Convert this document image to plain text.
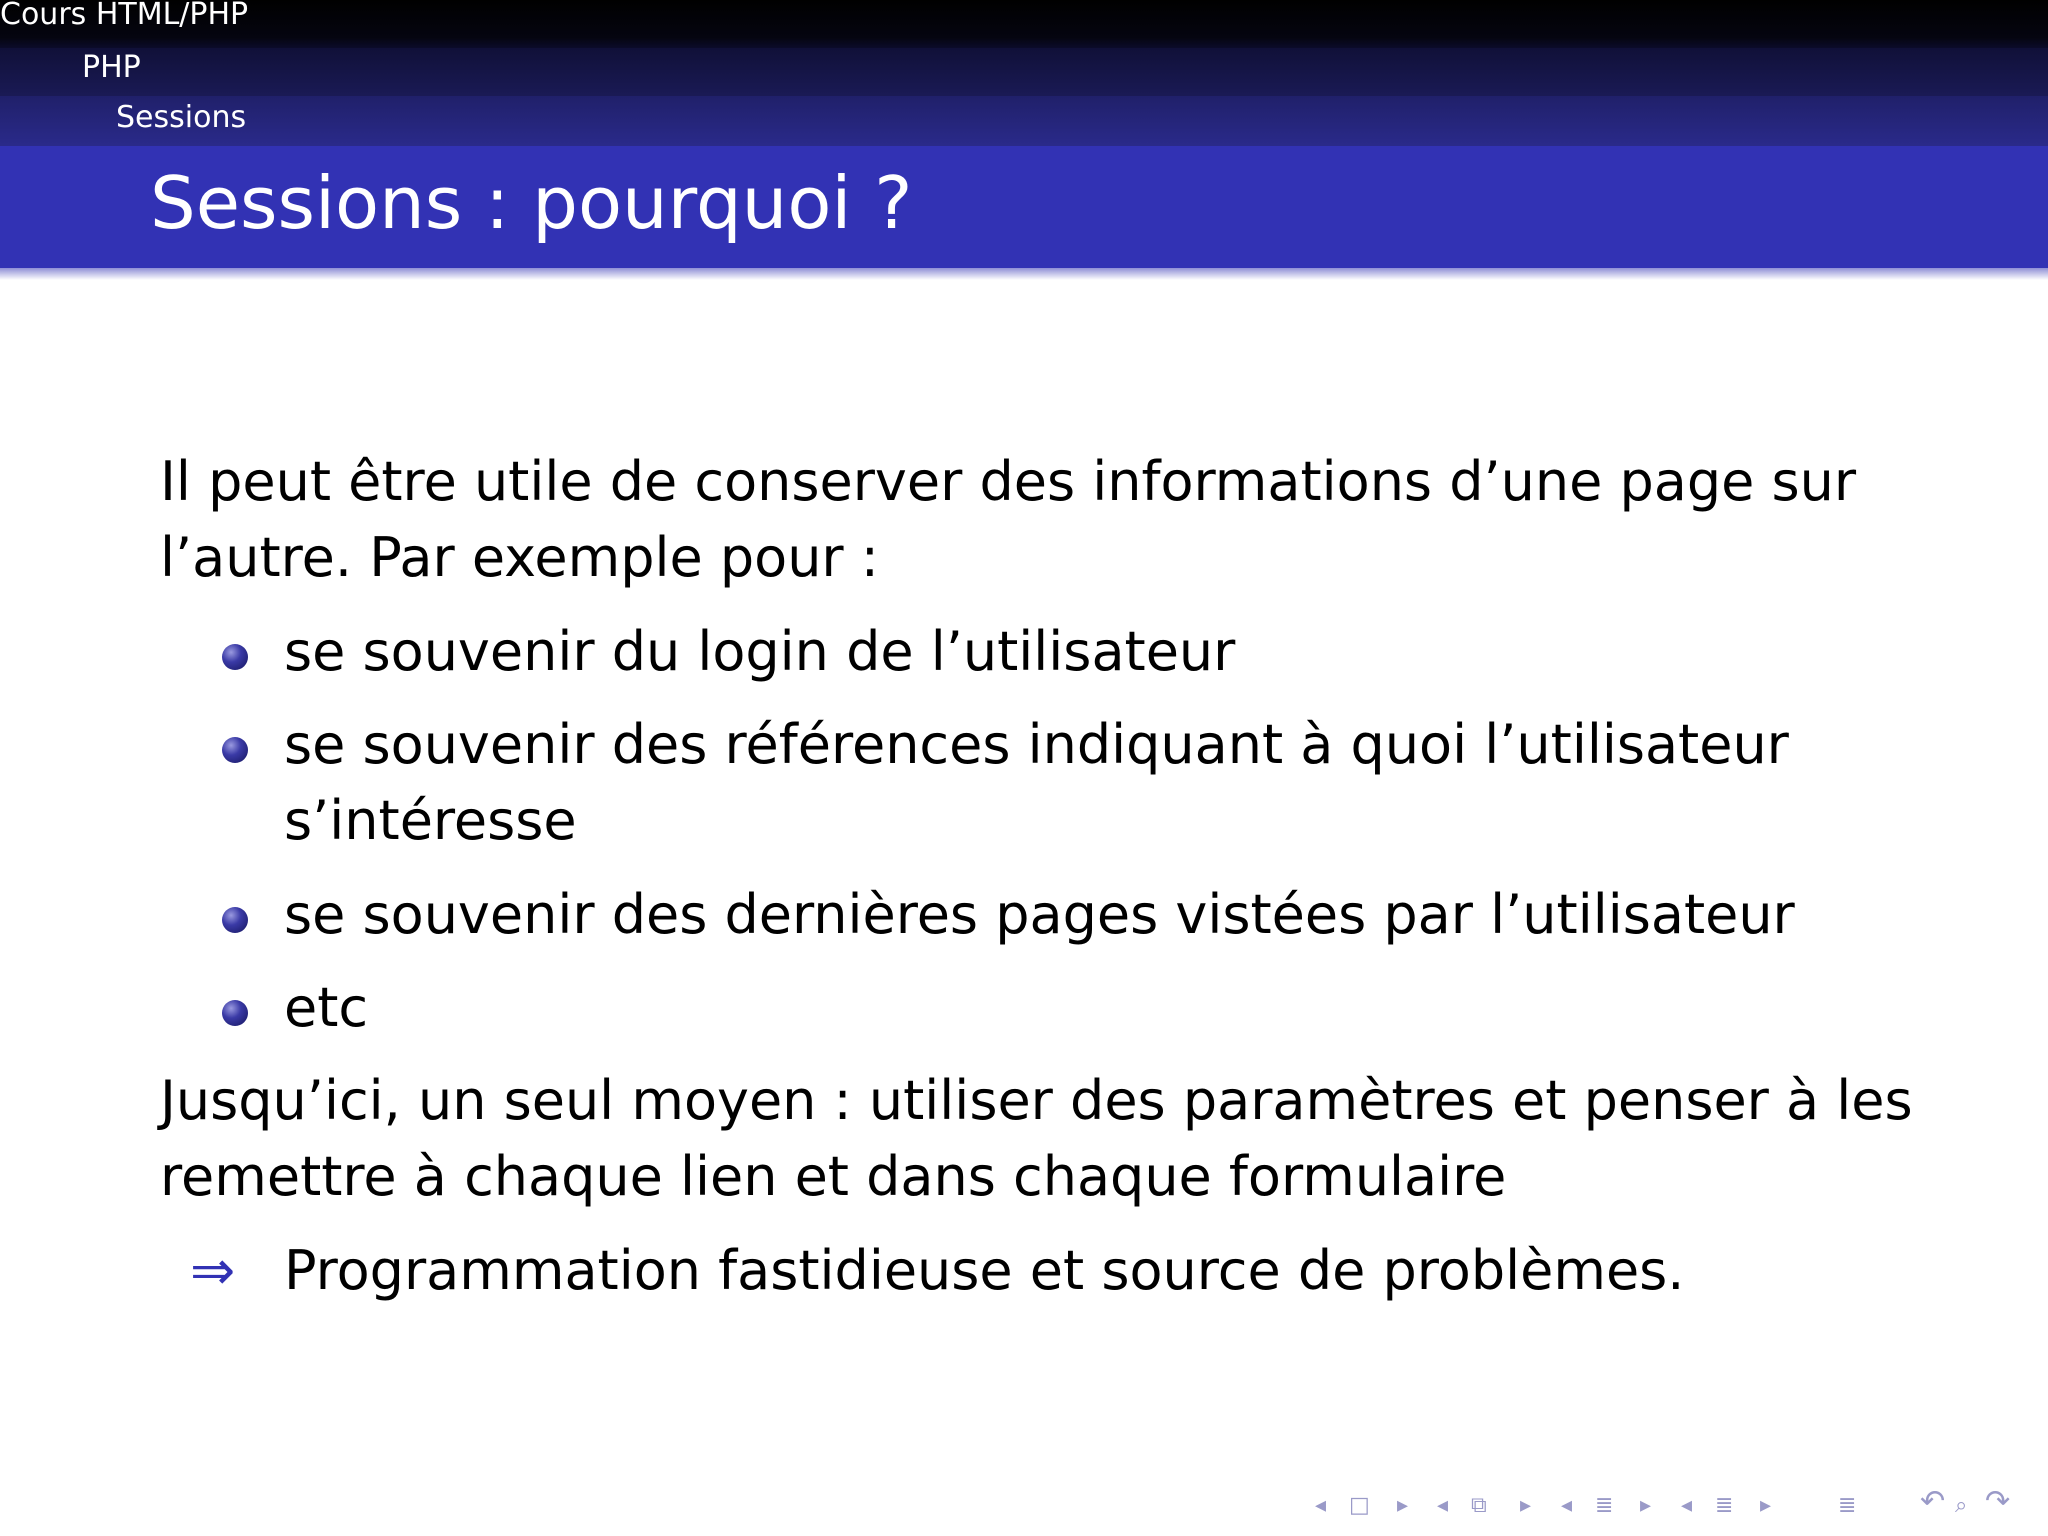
Cours HTML/PHP
PHP
Sessions
Sessions : pourquoi ?
Il peut être utile de conserver des informations d’une page sur
l’autre. Par exemple pour :
se souvenir du login de l’utilisateur
se souvenir des références indiquant à quoi l’utilisateur
s’intéresse
se souvenir des dernières pages vistées par l’utilisateur
etc
Jusqu’ici, un seul moyen : utiliser des paramètres et penser à les
remettre à chaque lien et dans chaque formulaire
⇒ Programmation fastidieuse et source de problèmes.
◂ □ ▸ ◂ ⧉ ▸ ◂ ≣ ▸ ◂ ≣ ▸	≣ ↶ ⌕ ↷
